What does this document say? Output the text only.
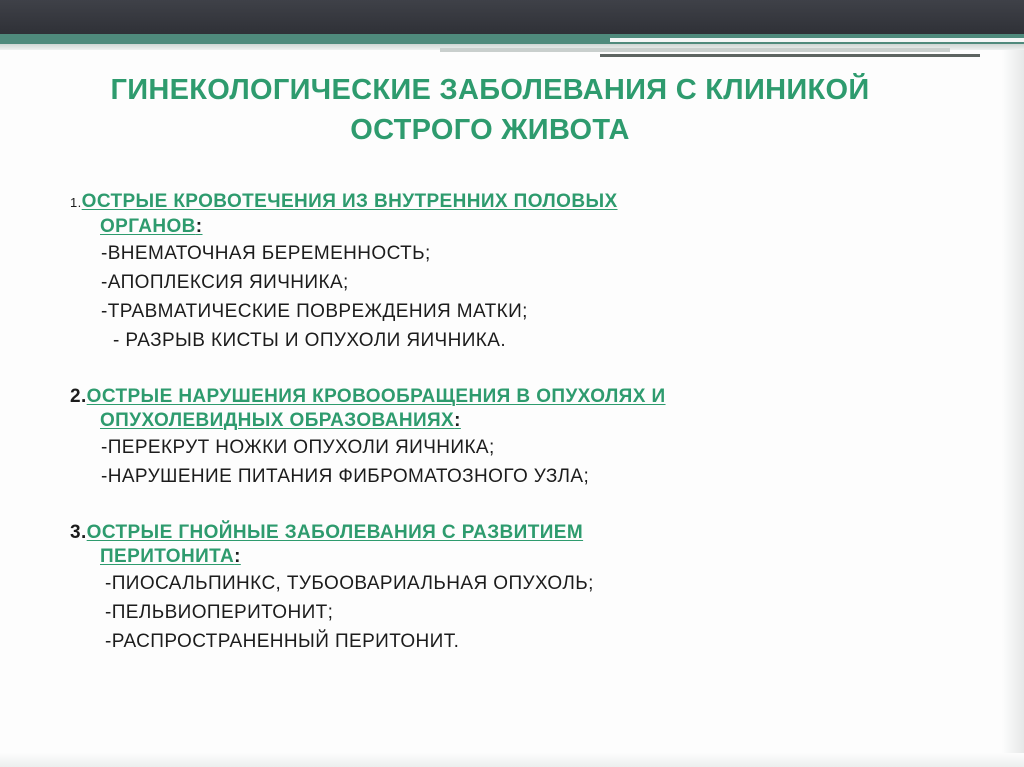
ГИНЕКОЛОГИЧЕСКИЕ ЗАБОЛЕВАНИЯ С КЛИНИКОЙ
ОСТРОГО ЖИВОТА
1.ОСТРЫЕ КРОВОТЕЧЕНИЯ ИЗ ВНУТРЕННИХ ПОЛОВЫХ
ОРГАНОВ:
-ВНЕМАТОЧНАЯ БЕРЕМЕННОСТЬ;
-АПОПЛЕКСИЯ ЯИЧНИКА;
-ТРАВМАТИЧЕСКИЕ ПОВРЕЖДЕНИЯ МАТКИ;
- РАЗРЫВ КИСТЫ И ОПУХОЛИ ЯИЧНИКА.
2.ОСТРЫЕ НАРУШЕНИЯ КРОВООБРАЩЕНИЯ В ОПУХОЛЯХ И
ОПУХОЛЕВИДНЫХ ОБРАЗОВАНИЯХ:
-ПЕРЕКРУТ НОЖКИ ОПУХОЛИ ЯИЧНИКА;
-НАРУШЕНИЕ ПИТАНИЯ ФИБРОМАТОЗНОГО УЗЛА;
3.ОСТРЫЕ ГНОЙНЫЕ ЗАБОЛЕВАНИЯ С РАЗВИТИЕМ
ПЕРИТОНИТА:
-ПИОСАЛЬПИНКС, ТУБООВАРИАЛЬНАЯ ОПУХОЛЬ;
-ПЕЛЬВИОПЕРИТОНИТ;
-РАСПРОСТРАНЕННЫЙ ПЕРИТОНИТ.
